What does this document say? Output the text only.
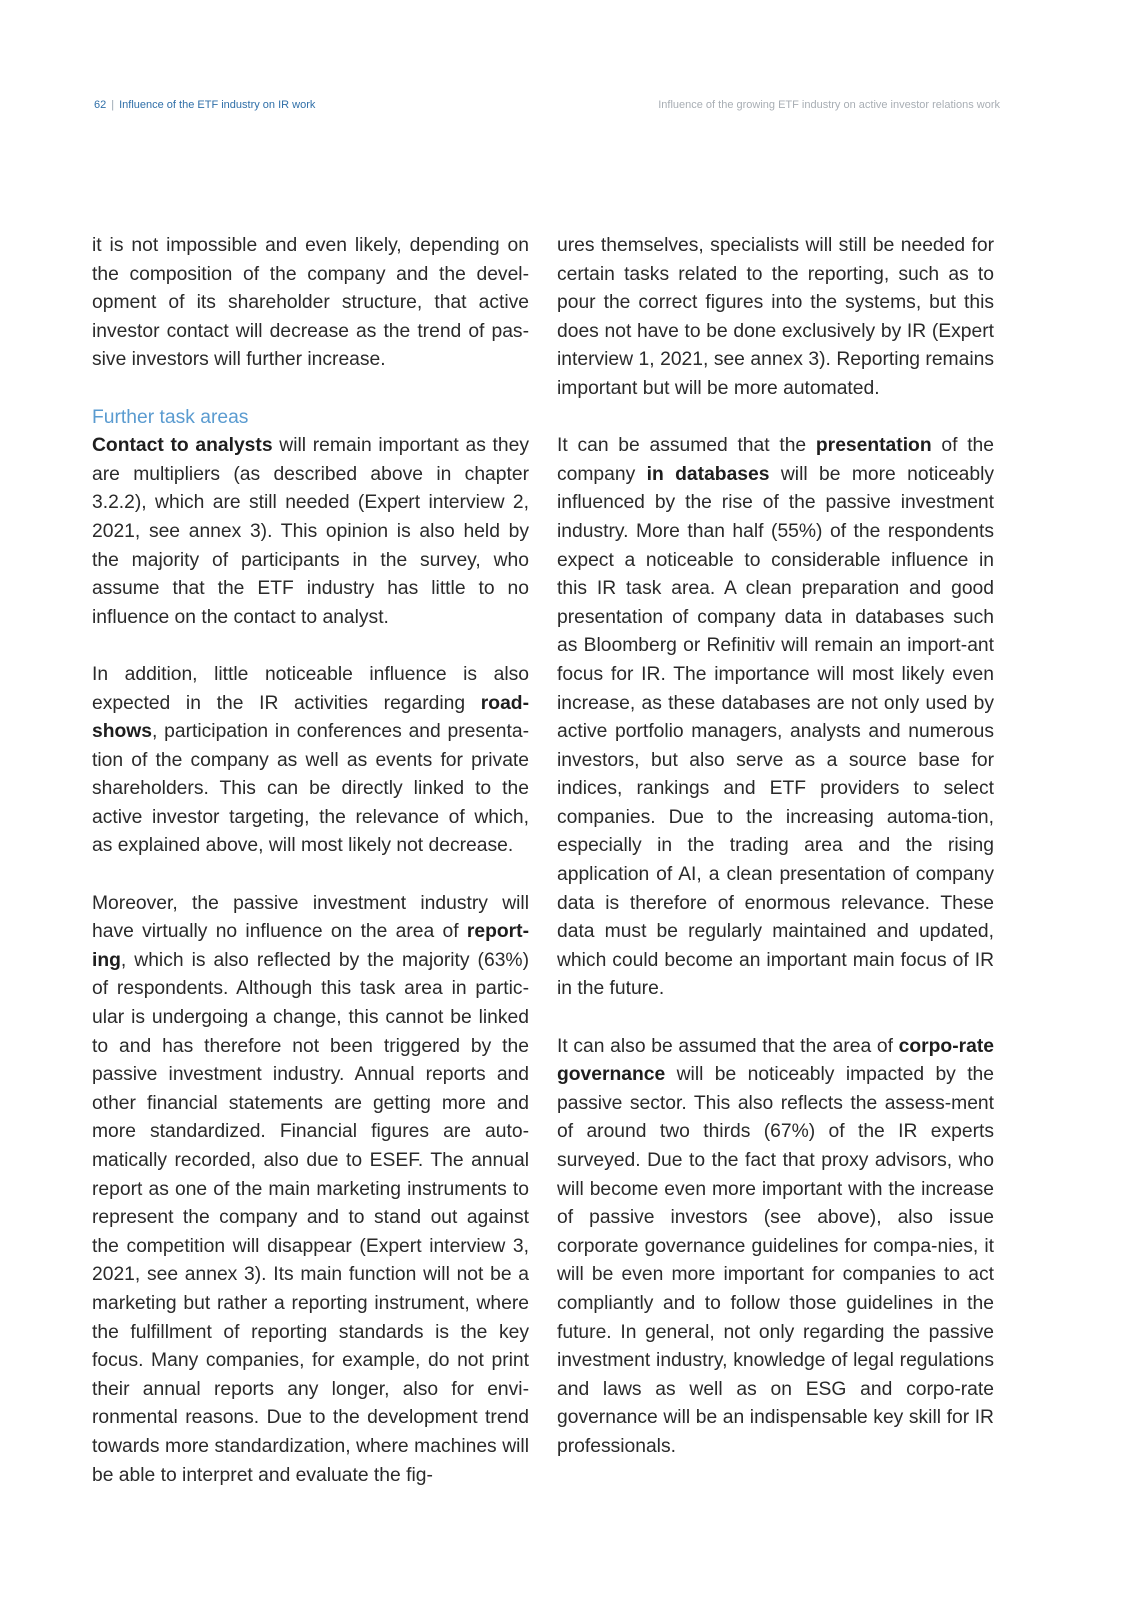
62 | Influence of the ETF industry on IR work	Influence of the growing ETF industry on active investor relations work

it is not impossible and even likely, depending on the composition of the company and the devel-opment of its shareholder structure, that active investor contact will decrease as the trend of pas-sive investors will further increase.

Further task areas

Contact to analysts will remain important as they are multipliers (as described above in chapter 3.2.2), which are still needed (Expert interview 2, 2021, see annex 3). This opinion is also held by the majority of participants in the survey, who assume that the ETF industry has little to no influence on the contact to analyst.

In addition, little noticeable influence is also expected in the IR activities regarding road-shows, participation in conferences and presenta-tion of the company as well as events for private shareholders. This can be directly linked to the active investor targeting, the relevance of which, as explained above, will most likely not decrease.

Moreover, the passive investment industry will have virtually no influence on the area of report-ing, which is also reflected by the majority (63%) of respondents. Although this task area in partic-ular is undergoing a change, this cannot be linked to and has therefore not been triggered by the passive investment industry. Annual reports and other financial statements are getting more and more standardized. Financial figures are auto-matically recorded, also due to ESEF. The annual report as one of the main marketing instruments to represent the company and to stand out against the competition will disappear (Expert interview 3, 2021, see annex 3). Its main function will not be a marketing but rather a reporting instrument, where the fulfillment of reporting standards is the key focus. Many companies, for example, do not print their annual reports any longer, also for envi-ronmental reasons. Due to the development trend towards more standardization, where machines will be able to interpret and evaluate the fig-

ures themselves, specialists will still be needed for certain tasks related to the reporting, such as to pour the correct figures into the systems, but this does not have to be done exclusively by IR (Expert interview 1, 2021, see annex 3). Reporting remains important but will be more automated.

It can be assumed that the presentation of the company in databases will be more noticeably influenced by the rise of the passive investment industry. More than half (55%) of the respondents expect a noticeable to considerable influence in this IR task area. A clean preparation and good presentation of company data in databases such as Bloomberg or Refinitiv will remain an import-ant focus for IR. The importance will most likely even increase, as these databases are not only used by active portfolio managers, analysts and numerous investors, but also serve as a source base for indices, rankings and ETF providers to select companies. Due to the increasing automa-tion, especially in the trading area and the rising application of AI, a clean presentation of company data is therefore of enormous relevance. These data must be regularly maintained and updated, which could become an important main focus of IR in the future.

It can also be assumed that the area of corpo-rate governance will be noticeably impacted by the passive sector. This also reflects the assess-ment of around two thirds (67%) of the IR experts surveyed. Due to the fact that proxy advisors, who will become even more important with the increase of passive investors (see above), also issue corporate governance guidelines for compa-nies, it will be even more important for companies to act compliantly and to follow those guidelines in the future. In general, not only regarding the passive investment industry, knowledge of legal regulations and laws as well as on ESG and corpo-rate governance will be an indispensable key skill for IR professionals.
